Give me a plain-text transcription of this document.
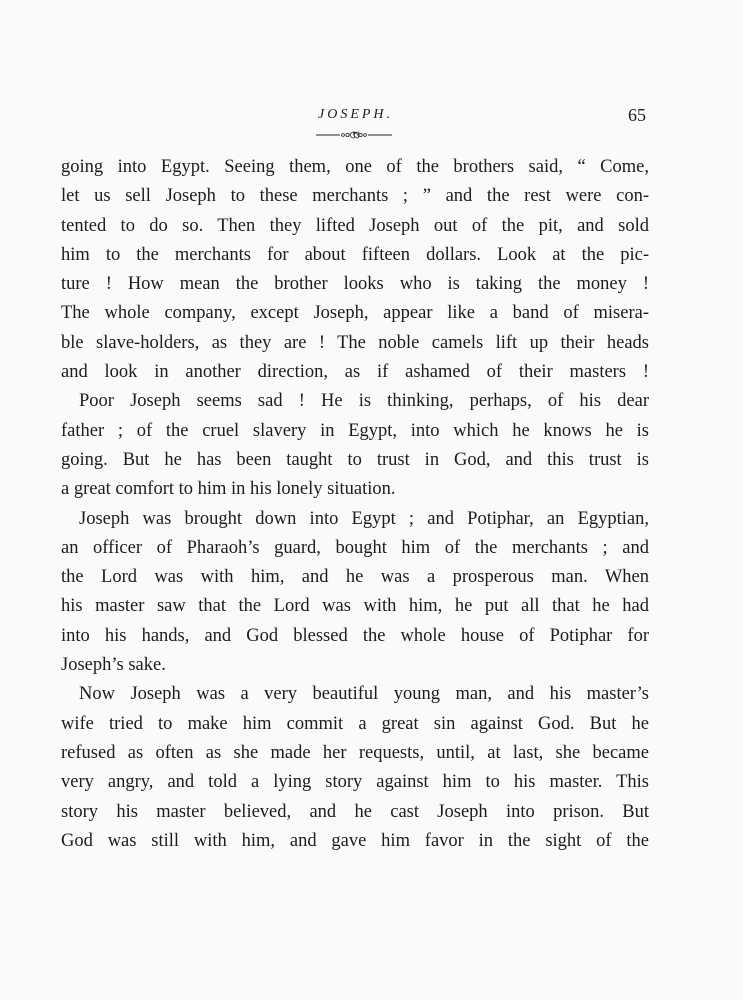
JOSEPH.	65
going into Egypt. Seeing them, one of the brothers said, “ Come,
let us sell Joseph to these merchants ; ” and the rest were con-
tented to do so. Then they lifted Joseph out of the pit, and sold
him to the merchants for about fifteen dollars. Look at the pic-
ture ! How mean the brother looks who is taking the money !
The whole company, except Joseph, appear like a band of misera-
ble slave-holders, as they are ! The noble camels lift up their heads
and look in another direction, as if ashamed of their masters !
Poor Joseph seems sad ! He is thinking, perhaps, of his dear
father ; of the cruel slavery in Egypt, into which he knows he is
going. But he has been taught to trust in God, and this trust is
a great comfort to him in his lonely situation.
Joseph was brought down into Egypt ; and Potiphar, an Egyptian,
an officer of Pharaoh’s guard, bought him of the merchants ; and
the Lord was with him, and he was a prosperous man. When
his master saw that the Lord was with him, he put all that he had
into his hands, and God blessed the whole house of Potiphar for
Joseph’s sake.
Now Joseph was a very beautiful young man, and his master’s
wife tried to make him commit a great sin against God. But he
refused as often as she made her requests, until, at last, she became
very angry, and told a lying story against him to his master. This
story his master believed, and he cast Joseph into prison. But
God was still with him, and gave him favor in the sight of the
